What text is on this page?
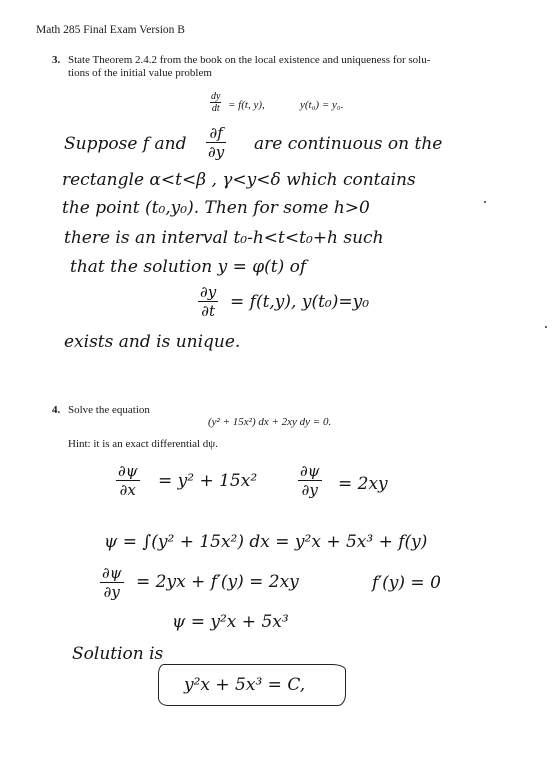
Math 285 Final Exam Version B
3. State Theorem 2.4.2 from the book on the local existence and uniqueness for solu-
tions of the initial value problem
$\frac{dy}{dt} = f(t$, y),	y(t₀) = y₀.
Suppose f and $\frac{\partial f}{\partial y}$ are continuous on the
rectangle α<t<β , γ<y<δ which contains
the point (t₀,y₀). Then for some h>0
there is an interval t₀-h<t<t₀+h such
that the solution y = φ(t) of
$\frac{\partial y}{\partial t} = f(t,y)$, y(t₀)=y₀
exists and is unique.
4. Solve the equation
(y² + 15x²) dx + 2xy dy = 0.
Hint: it is an exact differential dψ.
$\frac{\partial\psi}{\partial x} = y^2 + 15x^2$	$\frac{\partial\psi}{\partial y} = 2xy$
ψ = ∫(y² + 15x²) dx = y²x + 5x³ + f(y)
$\frac{\partial\psi}{\partial y} = 2yx + f'(y) = 2xy$	f′(y) = 0
ψ = y²x + 5x³
Solution is
y²x + 5x³ = C,
